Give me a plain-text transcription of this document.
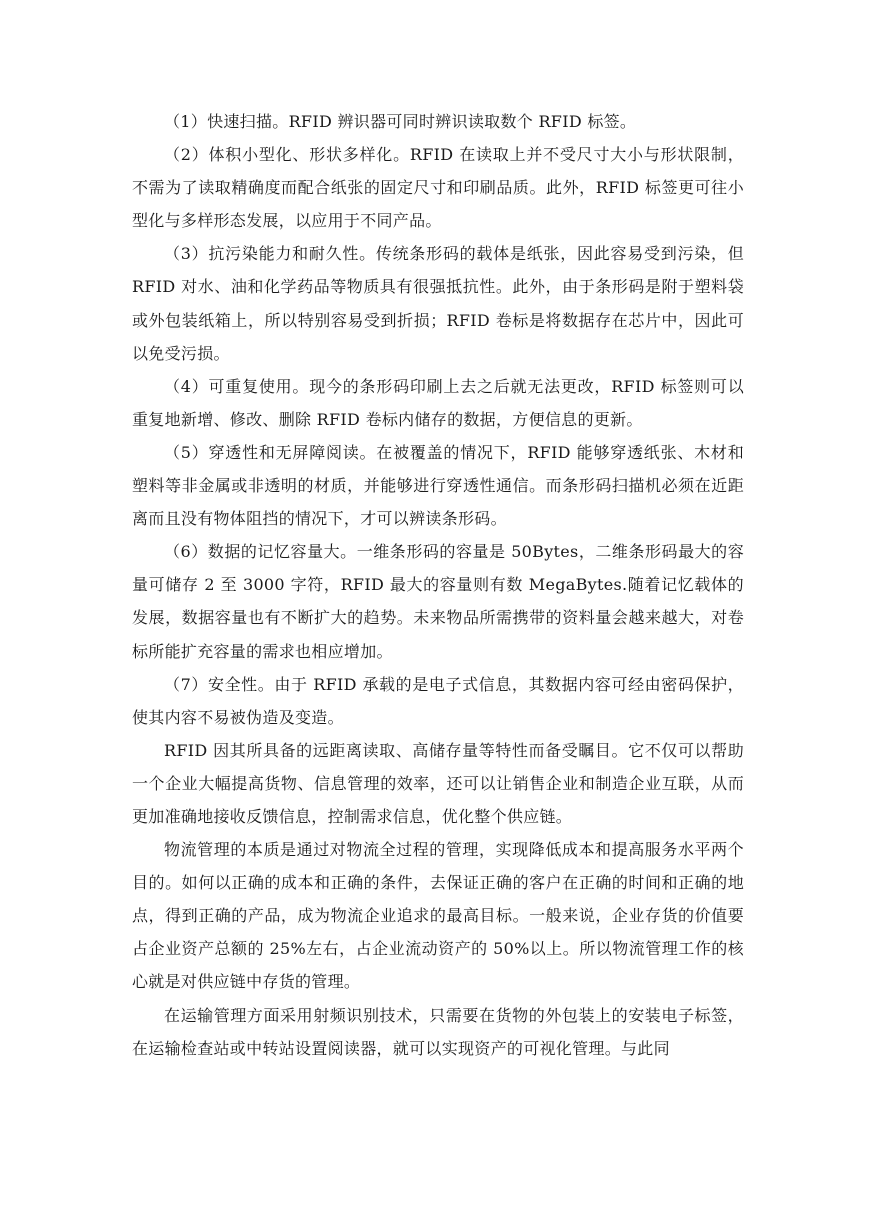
（1）快速扫描。RFID 辨识器可同时辨识读取数个 RFID 标签。

（2）体积小型化、形状多样化。RFID 在读取上并不受尺寸大小与形状限制，不需为了读取精确度而配合纸张的固定尺寸和印刷品质。此外，RFID 标签更可往小型化与多样形态发展，以应用于不同产品。

（3）抗污染能力和耐久性。传统条形码的载体是纸张，因此容易受到污染，但 RFID 对水、油和化学药品等物质具有很强抵抗性。此外，由于条形码是附于塑料袋或外包装纸箱上，所以特别容易受到折损；RFID 卷标是将数据存在芯片中，因此可以免受污损。

（4）可重复使用。现今的条形码印刷上去之后就无法更改，RFID 标签则可以重复地新增、修改、删除 RFID 卷标内储存的数据，方便信息的更新。

（5）穿透性和无屏障阅读。在被覆盖的情况下，RFID 能够穿透纸张、木材和塑料等非金属或非透明的材质，并能够进行穿透性通信。而条形码扫描机必须在近距离而且没有物体阻挡的情况下，才可以辨读条形码。

（6）数据的记忆容量大。一维条形码的容量是 50Bytes，二维条形码最大的容量可储存 2 至 3000 字符，RFID 最大的容量则有数 MegaBytes.随着记忆载体的发展，数据容量也有不断扩大的趋势。未来物品所需携带的资料量会越来越大，对卷标所能扩充容量的需求也相应增加。

（7）安全性。由于 RFID 承载的是电子式信息，其数据内容可经由密码保护，使其内容不易被伪造及变造。

RFID 因其所具备的远距离读取、高储存量等特性而备受瞩目。它不仅可以帮助一个企业大幅提高货物、信息管理的效率，还可以让销售企业和制造企业互联，从而更加准确地接收反馈信息，控制需求信息，优化整个供应链。

物流管理的本质是通过对物流全过程的管理，实现降低成本和提高服务水平两个目的。如何以正确的成本和正确的条件，去保证正确的客户在正确的时间和正确的地点，得到正确的产品，成为物流企业追求的最高目标。一般来说，企业存货的价值要占企业资产总额的 25%左右，占企业流动资产的 50%以上。所以物流管理工作的核心就是对供应链中存货的管理。

在运输管理方面采用射频识别技术，只需要在货物的外包装上的安装电子标签，在运输检查站或中转站设置阅读器，就可以实现资产的可视化管理。与此同
